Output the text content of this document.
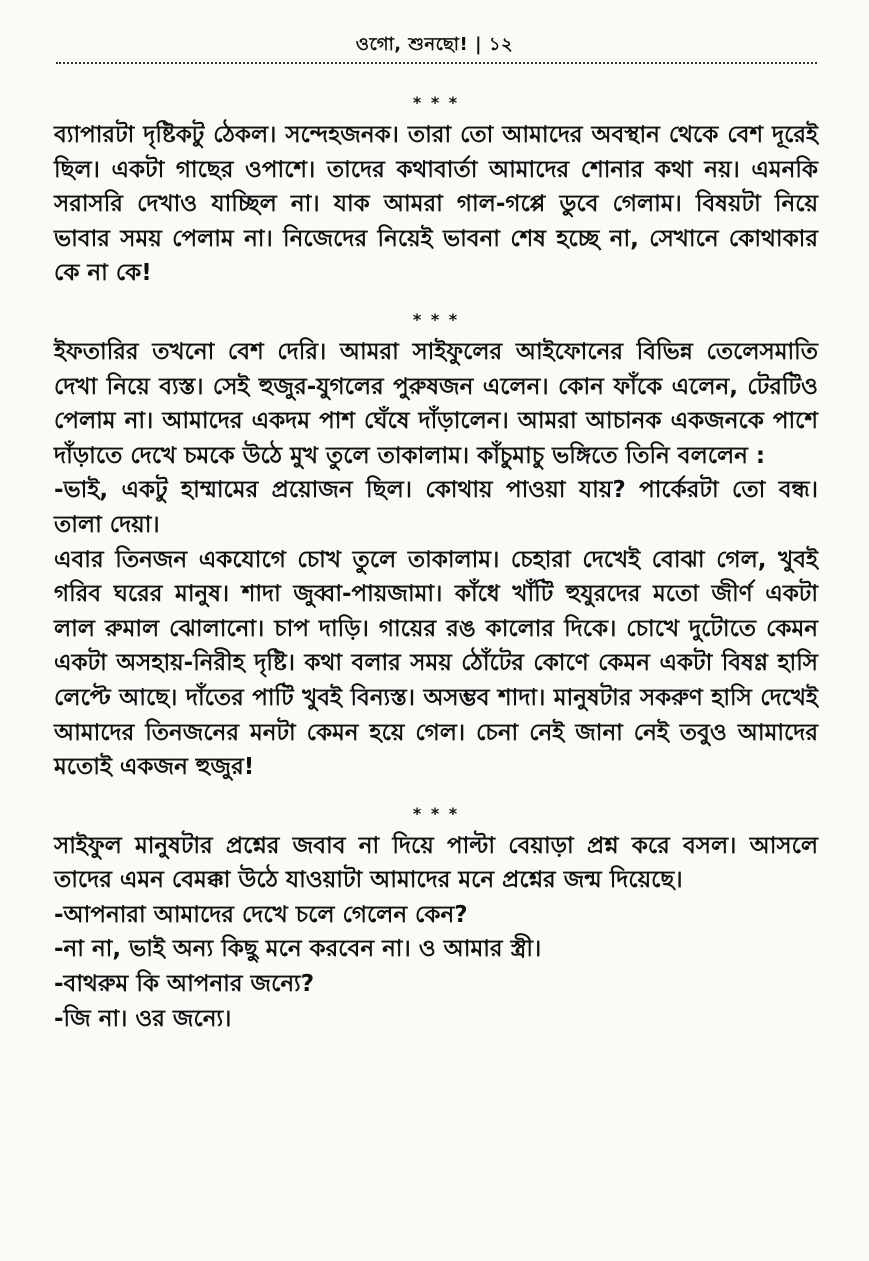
ওগো, শুনছো! | ১২
* * *

ব্যাপারটা দৃষ্টিকটু ঠেকল। সন্দেহজনক। তারা তো আমাদের অবস্থান থেকে বেশ দূরেই ছিল। একটা গাছের ওপাশে। তাদের কথাবার্তা আমাদের শোনার কথা নয়। এমনকি সরাসরি দেখাও যাচ্ছিল না। যাক আমরা গাল-গপ্পে ডুবে গেলাম। বিষয়টা নিয়ে ভাবার সময় পেলাম না। নিজেদের নিয়েই ভাবনা শেষ হচ্ছে না, সেখানে কোথাকার কে না কে!

* * *

ইফতারির তখনো বেশ দেরি। আমরা সাইফুলের আইফোনের বিভিন্ন তেলেসমাতি দেখা নিয়ে ব্যস্ত। সেই হুজুর-যুগলের পুরুষজন এলেন। কোন ফাঁকে এলেন, টেরটিও পেলাম না। আমাদের একদম পাশ ঘেঁষে দাঁড়ালেন। আমরা আচানক একজনকে পাশে দাঁড়াতে দেখে চমকে উঠে মুখ তুলে তাকালাম। কাঁচুমাচু ভঙ্গিতে তিনি বললেন :

-ভাই, একটু হাম্মামের প্রয়োজন ছিল। কোথায় পাওয়া যায়? পার্কেরটা তো বন্ধ। তালা দেয়া।

এবার তিনজন একযোগে চোখ তুলে তাকালাম। চেহারা দেখেই বোঝা গেল, খুবই গরিব ঘরের মানুষ। শাদা জুব্বা-পায়জামা। কাঁধে খাঁটি হুযুরদের মতো জীর্ণ একটা লাল রুমাল ঝোলানো। চাপ দাড়ি। গায়ের রঙ কালোর দিকে। চোখে দুটোতে কেমন একটা অসহায়-নিরীহ দৃষ্টি। কথা বলার সময় ঠোঁটের কোণে কেমন একটা বিষণ্ণ হাসি লেপ্টে আছে। দাঁতের পাটি খুবই বিন্যস্ত। অসম্ভব শাদা। মানুষটার সকরুণ হাসি দেখেই আমাদের তিনজনের মনটা কেমন হয়ে গেল। চেনা নেই জানা নেই তবুও আমাদের মতোই একজন হুজুর!

* * *

সাইফুল মানুষটার প্রশ্নের জবাব না দিয়ে পাল্টা বেয়াড়া প্রশ্ন করে বসল। আসলে তাদের এমন বেমক্কা উঠে যাওয়াটা আমাদের মনে প্রশ্নের জন্ম দিয়েছে।

-আপনারা আমাদের দেখে চলে গেলেন কেন?

-না না, ভাই অন্য কিছু মনে করবেন না। ও আমার স্ত্রী।

-বাথরুম কি আপনার জন্যে?

-জি না। ওর জন্যে।
